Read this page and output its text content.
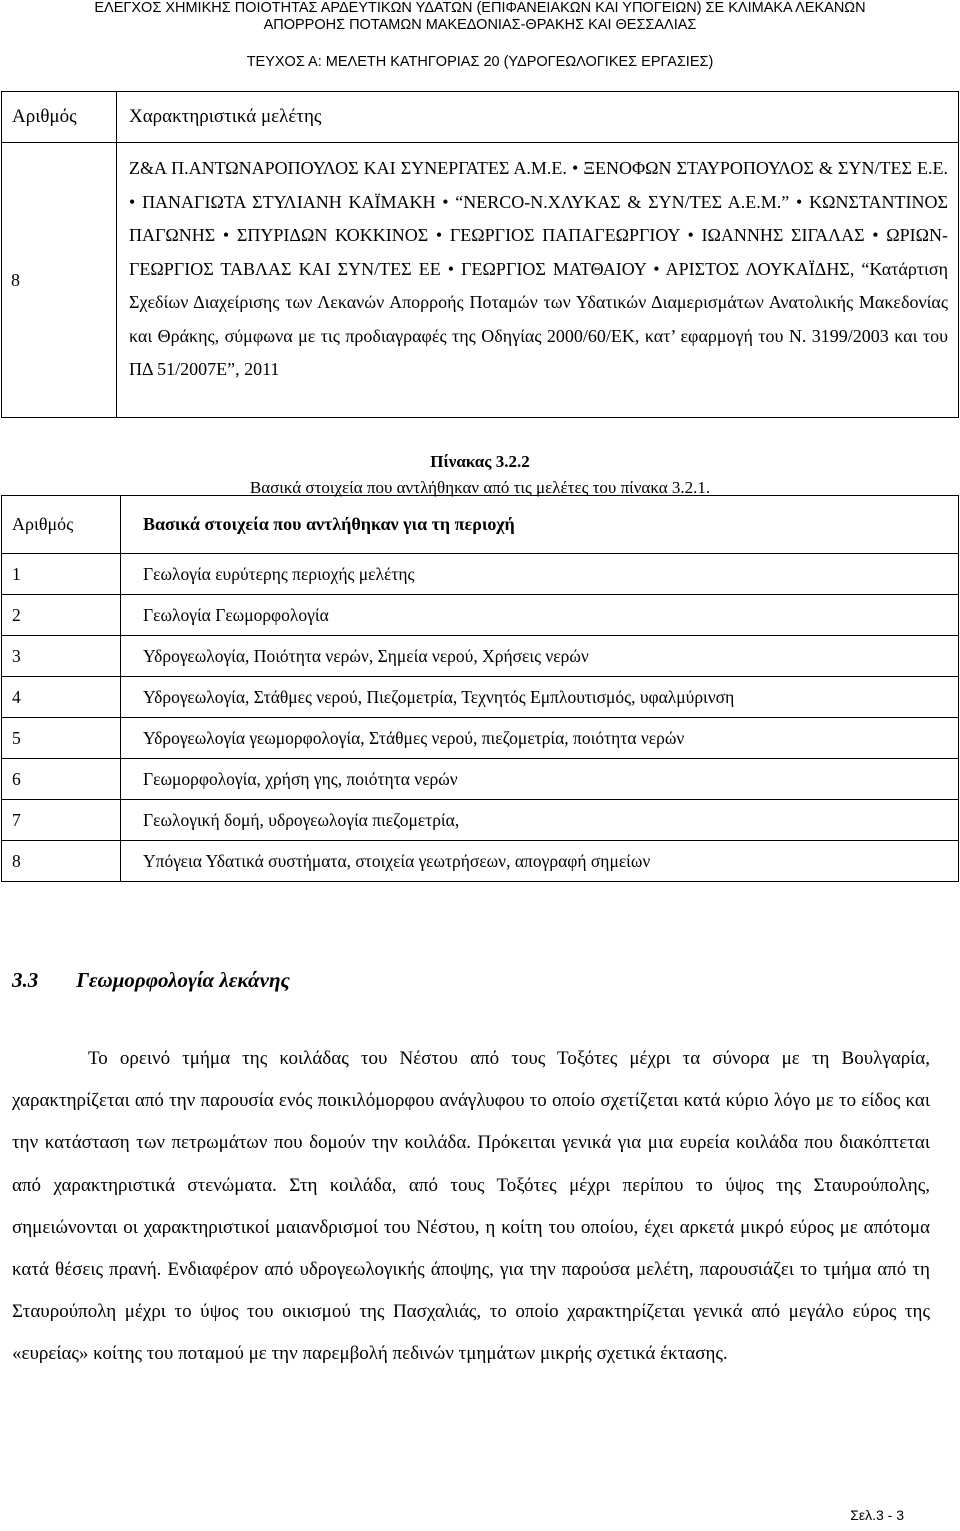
ΕΛΕΓΧΟΣ ΧΗΜΙΚΗΣ ΠΟΙΟΤΗΤΑΣ ΑΡΔΕΥΤΙΚΩΝ ΥΔΑΤΩΝ (ΕΠΙΦΑΝΕΙΑΚΩΝ ΚΑΙ ΥΠΟΓΕΙΩΝ) ΣΕ ΚΛΙΜΑΚΑ ΛΕΚΑΝΩΝ
ΑΠΟΡΡΟΗΣ ΠΟΤΑΜΩΝ ΜΑΚΕΔΟΝΙΑΣ-ΘΡΑΚΗΣ ΚΑΙ ΘΕΣΣΑΛΙΑΣ
ΤΕΥΧΟΣ Α: ΜΕΛΕΤΗ ΚΑΤΗΓΟΡΙΑΣ 20 (ΥΔΡΟΓΕΩΛΟΓΙΚΕΣ ΕΡΓΑΣΙΕΣ)
Αριθμός	Χαρακτηριστικά μελέτης
8	Ζ&Α Π.ΑΝΤΩΝΑΡΟΠΟΥΛΟΣ ΚΑΙ ΣΥΝΕΡΓΑΤΕΣ Α.Μ.Ε. • ΞΕΝΟΦΩΝ ΣΤΑΥΡΟΠΟΥΛΟΣ & ΣΥΝ/ΤΕΣ Ε.Ε. • ΠΑΝΑΓΙΩΤΑ ΣΤΥΛΙΑΝΗ ΚΑΪΜΑΚΗ • “NERCO-Ν.ΧΛΥΚΑΣ & ΣΥΝ/ΤΕΣ Α.Ε.Μ.” • ΚΩΝΣΤΑΝΤΙΝΟΣ ΠΑΓΩΝΗΣ • ΣΠΥΡΙΔΩΝ ΚΟΚΚΙΝΟΣ • ΓΕΩΡΓΙΟΣ ΠΑΠΑΓΕΩΡΓΙΟΥ • ΙΩΑΝΝΗΣ ΣΙΓΑΛΑΣ • ΩΡΙΩΝ-ΓΕΩΡΓΙΟΣ ΤΑΒΛΑΣ ΚΑΙ ΣΥΝ/ΤΕΣ ΕΕ • ΓΕΩΡΓΙΟΣ ΜΑΤΘΑΙΟΥ • ΑΡΙΣΤΟΣ ΛΟΥΚΑΪΔΗΣ, “Κατάρτιση Σχεδίων Διαχείρισης των Λεκανών Απορροής Ποταμών των Υδατικών Διαμερισμάτων Ανατολικής Μακεδονίας και Θράκης, σύμφωνα με τις προδιαγραφές της Οδηγίας 2000/60/ΕΚ, κατ’ εφαρμογή του Ν. 3199/2003 και του ΠΔ 51/2007Ε”, 2011
Πίνακας 3.2.2
Βασικά στοιχεία που αντλήθηκαν από τις μελέτες του πίνακα 3.2.1.
Αριθμός	Βασικά στοιχεία που αντλήθηκαν για τη περιοχή
1	Γεωλογία ευρύτερης περιοχής μελέτης
2	Γεωλογία Γεωμορφολογία
3	Υδρογεωλογία, Ποιότητα νερών, Σημεία νερού, Χρήσεις νερών
4	Υδρογεωλογία, Στάθμες νερού, Πιεζομετρία, Τεχνητός Εμπλουτισμός, υφαλμύρινση
5	Υδρογεωλογία γεωμορφολογία, Στάθμες νερού, πιεζομετρία, ποιότητα νερών
6	Γεωμορφολογία, χρήση γης, ποιότητα νερών
7	Γεωλογική δομή, υδρογεωλογία πιεζομετρία,
8	Υπόγεια Υδατικά συστήματα, στοιχεία γεωτρήσεων, απογραφή σημείων
3.3 Γεωμορφολογία λεκάνης
Το ορεινό τμήμα της κοιλάδας του Νέστου από τους Τοξότες μέχρι τα σύνορα με τη Βουλγαρία, χαρακτηρίζεται από την παρουσία ενός ποικιλόμορφου ανάγλυφου το οποίο σχετίζεται κατά κύριο λόγο με το είδος και την κατάσταση των πετρωμάτων που δομούν την κοιλάδα. Πρόκειται γενικά για μια ευρεία κοιλάδα που διακόπτεται από χαρακτηριστικά στενώματα. Στη κοιλάδα, από τους Τοξότες μέχρι περίπου το ύψος της Σταυρούπολης, σημειώνονται οι χαρακτηριστικοί μαιανδρισμοί του Νέστου, η κοίτη του οποίου, έχει αρκετά μικρό εύρος με απότομα κατά θέσεις πρανή. Ενδιαφέρον από υδρογεωλογικής άποψης, για την παρούσα μελέτη, παρουσιάζει το τμήμα από τη Σταυρούπολη μέχρι το ύψος του οικισμού της Πασχαλιάς, το οποίο χαρακτηρίζεται γενικά από μεγάλο εύρος της «ευρείας» κοίτης του ποταμού με την παρεμβολή πεδινών τμημάτων μικρής σχετικά έκτασης.
Σελ.3 - 3
